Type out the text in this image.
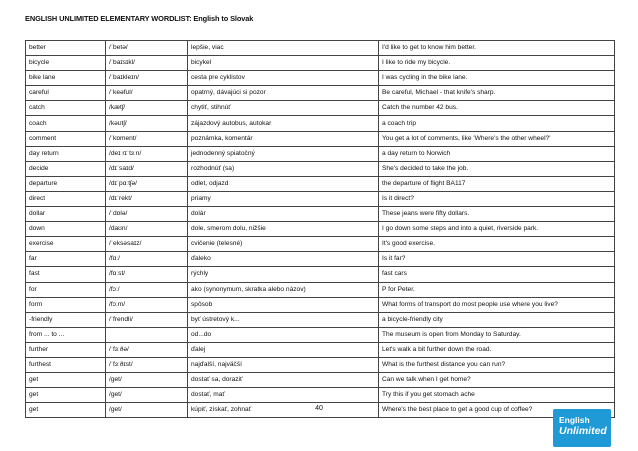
ENGLISH UNLIMITED ELEMENTARY WORDLIST: English to Slovak
better	/ˈbetə/	lepšie, viac	I'd like to get to know him better.
bicycle	/ˈbaɪsɪkl/	bicykel	I like to ride my bicycle.
bike lane	/ˈbaɪkleɪn/	cesta pre cyklistov	I was cycling in the bike lane.
careful	/ˈkeəfʊl/	opatrný, dávajúci si pozor	Be careful, Michael - that knife's sharp.
catch	/kætʃ/	chytiť, stihnúť	Catch the number 42 bus.
coach	/kəʊtʃ/	zájazdový autobus, autokar	a coach trip
comment	/ˈkɒment/	poznámka, komentár	You get a lot of comments, like 'Where's the other wheel?'
day return	/deɪ rɪˈtɜːn/	jednodenný spiatočný	a day return to Norwich
decide	/dɪˈsaɪd/	rozhodnúť (sa)	She's decided to take the job.
departure	/dɪˈpɑːtʃə/	odlet, odjazd	the departure of flight BA117
direct	/dɪˈrekt/	priamy	Is it direct?
dollar	/ˈdɒlə/	dolár	These jeans were fifty dollars.
down	/daʊn/	dole, smerom dolu, nižšie	I go down some steps and into a quiet, riverside park.
exercise	/ˈeksəsaɪz/	cvičenie (telesné)	It's good exercise.
far	/fɑː/	ďaleko	Is it far?
fast	/fɑːst/	rýchly	fast cars
for	/fɔː/	ako (synonymum, skratka alebo názov)	P for Peter.
form	/fɔːm/	spôsob	What forms of transport do most people use where you live?
-friendly	/ˈfrendli/	byť ústretový k...	a bicycle-friendly city
from ... to ...		od...do	The museum is open from Monday to Saturday.
further	/ˈfɜːðə/	ďalej	Let's walk a bit further down the road.
furthest	/ˈfɜːðɪst/	najďalší, najväčší	What is the furthest distance you can run?
get	/get/	dostať sa, doraziť	Can we talk when I get home?
get	/get/	dostať, mať	Try this if you get stomach ache
get	/get/	kúpiť, získať, zohnať	Where's the best place to get a good cup of coffee?
40
English
Unlimited
